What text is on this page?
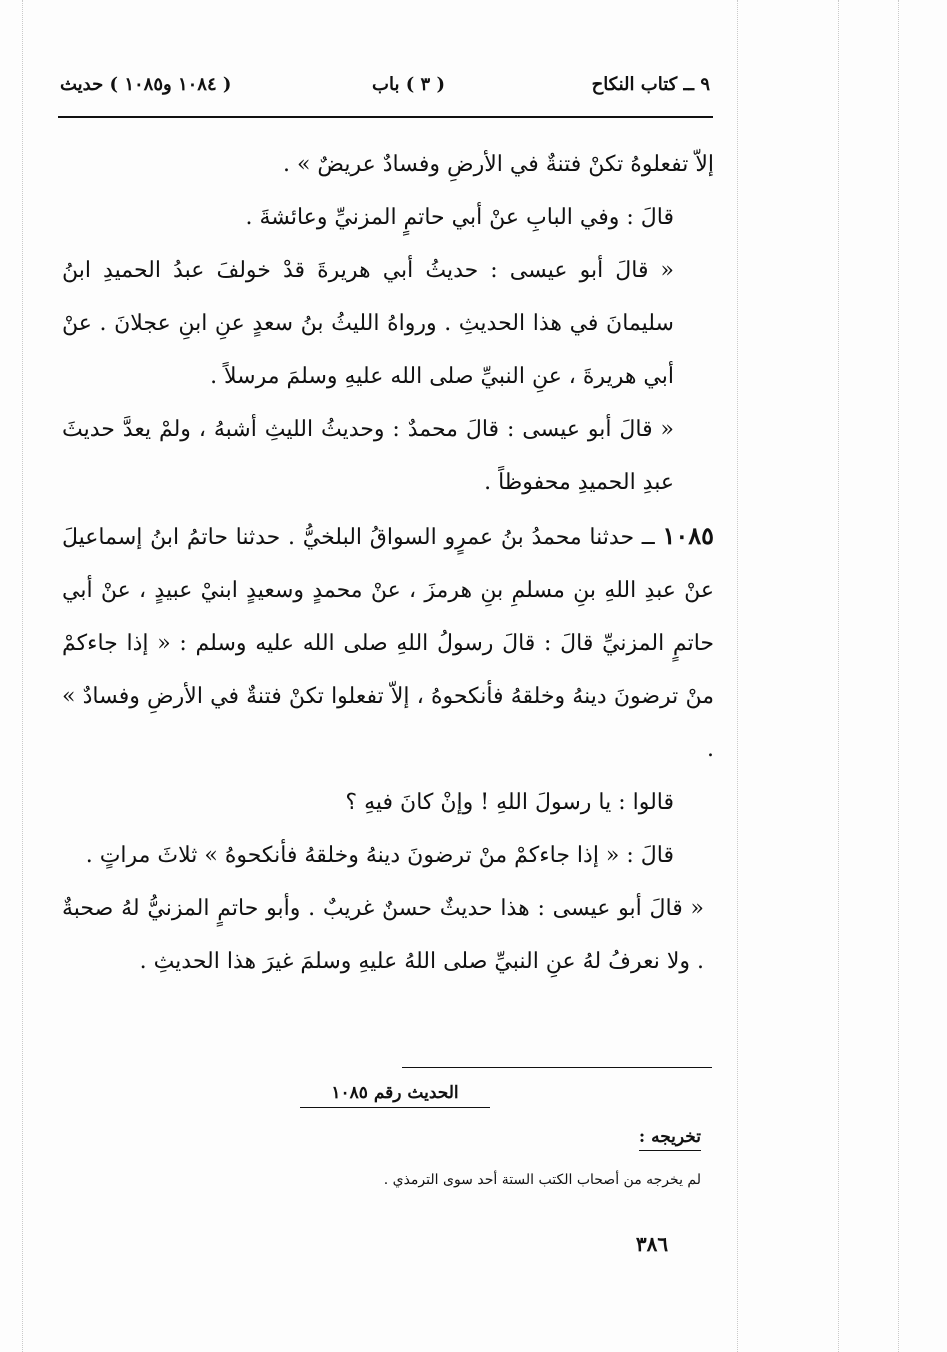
٩ ــ كتاب النكاح
( ٣ ) باب
( ١٠٨٤ و١٠٨٥ ) حديث

إلاّ تفعلوهُ تكنْ فتنةٌ في الأرضِ وفسادٌ عريضٌ » .

قالَ : وفي البابِ عنْ أبي حاتمٍ المزنيِّ وعائشةَ .

« قالَ أبو عيسى : حديثُ أبي هريرةَ قدْ خولفَ عبدُ الحميدِ ابنُ سليمانَ في هذا الحديثِ . ورواهُ الليثُ بنُ سعدٍ عنِ ابنِ عجلانَ . عنْ أبي هريرةَ ، عنِ النبيِّ صلى الله عليهِ وسلمَ مرسلاً .

« قالَ أبو عيسى : قالَ محمدٌ : وحديثُ الليثِ أشبهُ ، ولمْ يعدَّ حديثَ عبدِ الحميدِ محفوظاً .

١٠٨٥ ــ حدثنا محمدُ بنُ عمرٍو السواقُ البلخيُّ . حدثنا حاتمُ ابنُ إسماعيلَ عنْ عبدِ اللهِ بنِ مسلمِ بنِ هرمزَ ، عنْ محمدٍ وسعيدٍ ابنيْ عبيدٍ ، عنْ أبي حاتمٍ المزنيِّ قالَ : قالَ رسولُ اللهِ صلى الله عليه وسلم : « إذا جاءكمْ منْ ترضونَ دينهُ وخلقهُ فأنكحوهُ ، إلاّ تفعلوا تكنْ فتنةٌ في الأرضِ وفسادٌ » .

قالوا : يا رسولَ اللهِ ! وإنْ كانَ فيهِ ؟

قالَ : « إذا جاءكمْ منْ ترضونَ دينهُ وخلقهُ فأنكحوهُ » ثلاثَ مراتٍ .

« قالَ أبو عيسى : هذا حديثٌ حسنٌ غريبٌ . وأبو حاتمٍ المزنيُّ لهُ صحبةٌ . ولا نعرفُ لهُ عنِ النبيِّ صلى اللهُ عليهِ وسلمَ غيرَ هذا الحديثِ .

الحديث رقم ١٠٨٥
تخريجه :
لم يخرجه من أصحاب الكتب الستة أحد سوى الترمذي .
٣٨٦
